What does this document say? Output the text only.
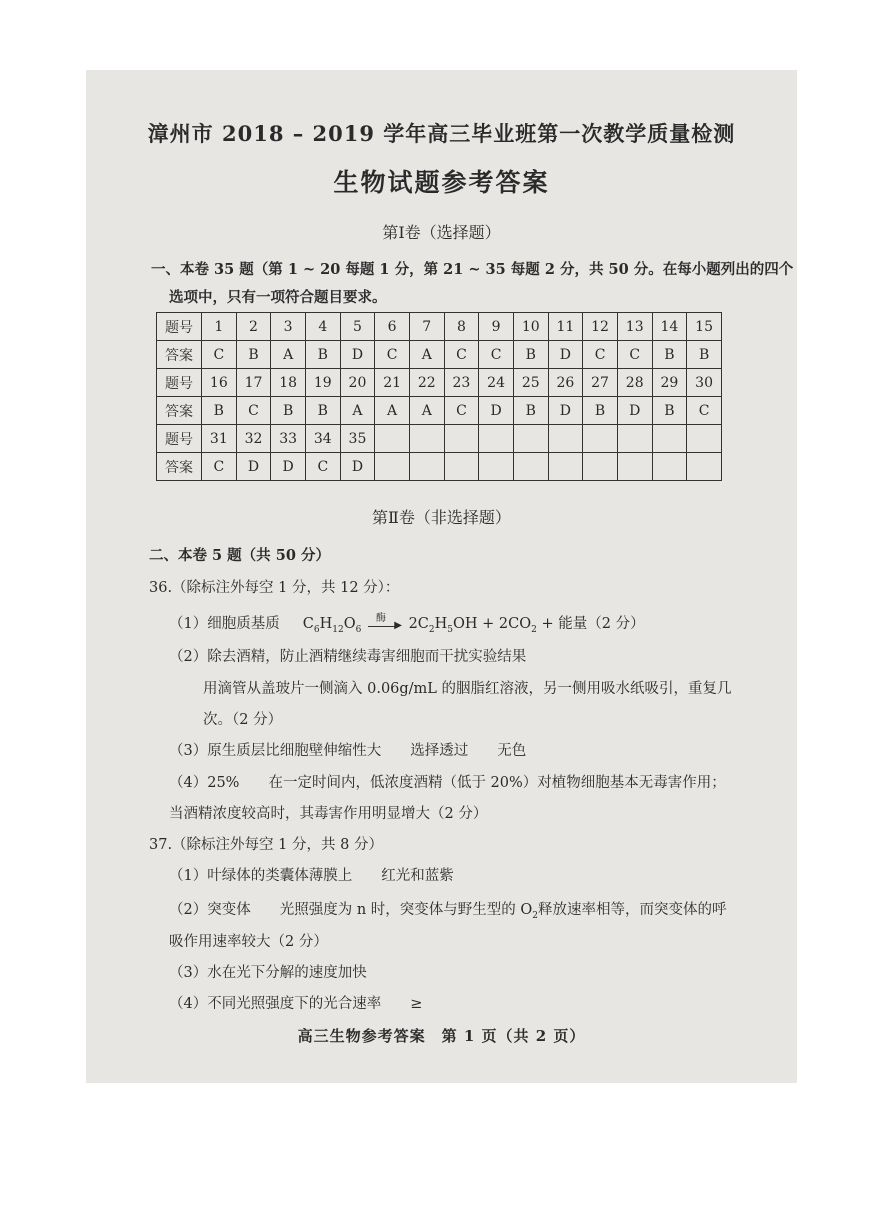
漳州市 2018 – 2019 学年高三毕业班第一次教学质量检测
生物试题参考答案
第Ⅰ卷（选择题）
一、本卷 35 题（第 1 ~ 20 每题 1 分，第 21 ~ 35 每题 2 分，共 50 分。在每小题列出的四个
选项中，只有一项符合题目要求。
题号	1	2	3	4	5	6	7	8	9	10	11	12	13	14	15
答案	C	B	A	B	D	C	A	C	C	B	D	C	C	B	B
题号	16	17	18	19	20	21	22	23	24	25	26	27	28	29	30
答案	B	C	B	B	A	A	A	C	D	B	D	B	D	B	C
题号	31	32	33	34	35										
答案	C	D	D	C	D										
第Ⅱ卷（非选择题）
二、本卷 5 题（共 50 分）
36.（除标注外每空 1 分，共 12 分）：
（1）细胞质基质 $C_6H_{12}O_6$
酶
▶ $2C_2H_5OH + 2CO_2$ + 能量（2 分）
（2）除去酒精，防止酒精继续毒害细胞而干扰实验结果
用滴管从盖玻片一侧滴入 0.06g/mL 的胭脂红溶液，另一侧用吸水纸吸引，重复几
次。（2 分）
（3）原生质层比细胞壁伸缩性大　　选择透过　　无色
（4）25%　　在一定时间内，低浓度酒精（低于 20%）对植物细胞基本无毒害作用；
当酒精浓度较高时，其毒害作用明显增大（2 分）
37.（除标注外每空 1 分，共 8 分）
（1）叶绿体的类囊体薄膜上　　红光和蓝紫
（2）突变体　　光照强度为 n 时，突变体与野生型的 $O_2$释放速率相等，而突变体的呼
吸作用速率较大（2 分）
（3）水在光下分解的速度加快
（4）不同光照强度下的光合速率　　≥
高三生物参考答案　第 1 页（共 2 页）
